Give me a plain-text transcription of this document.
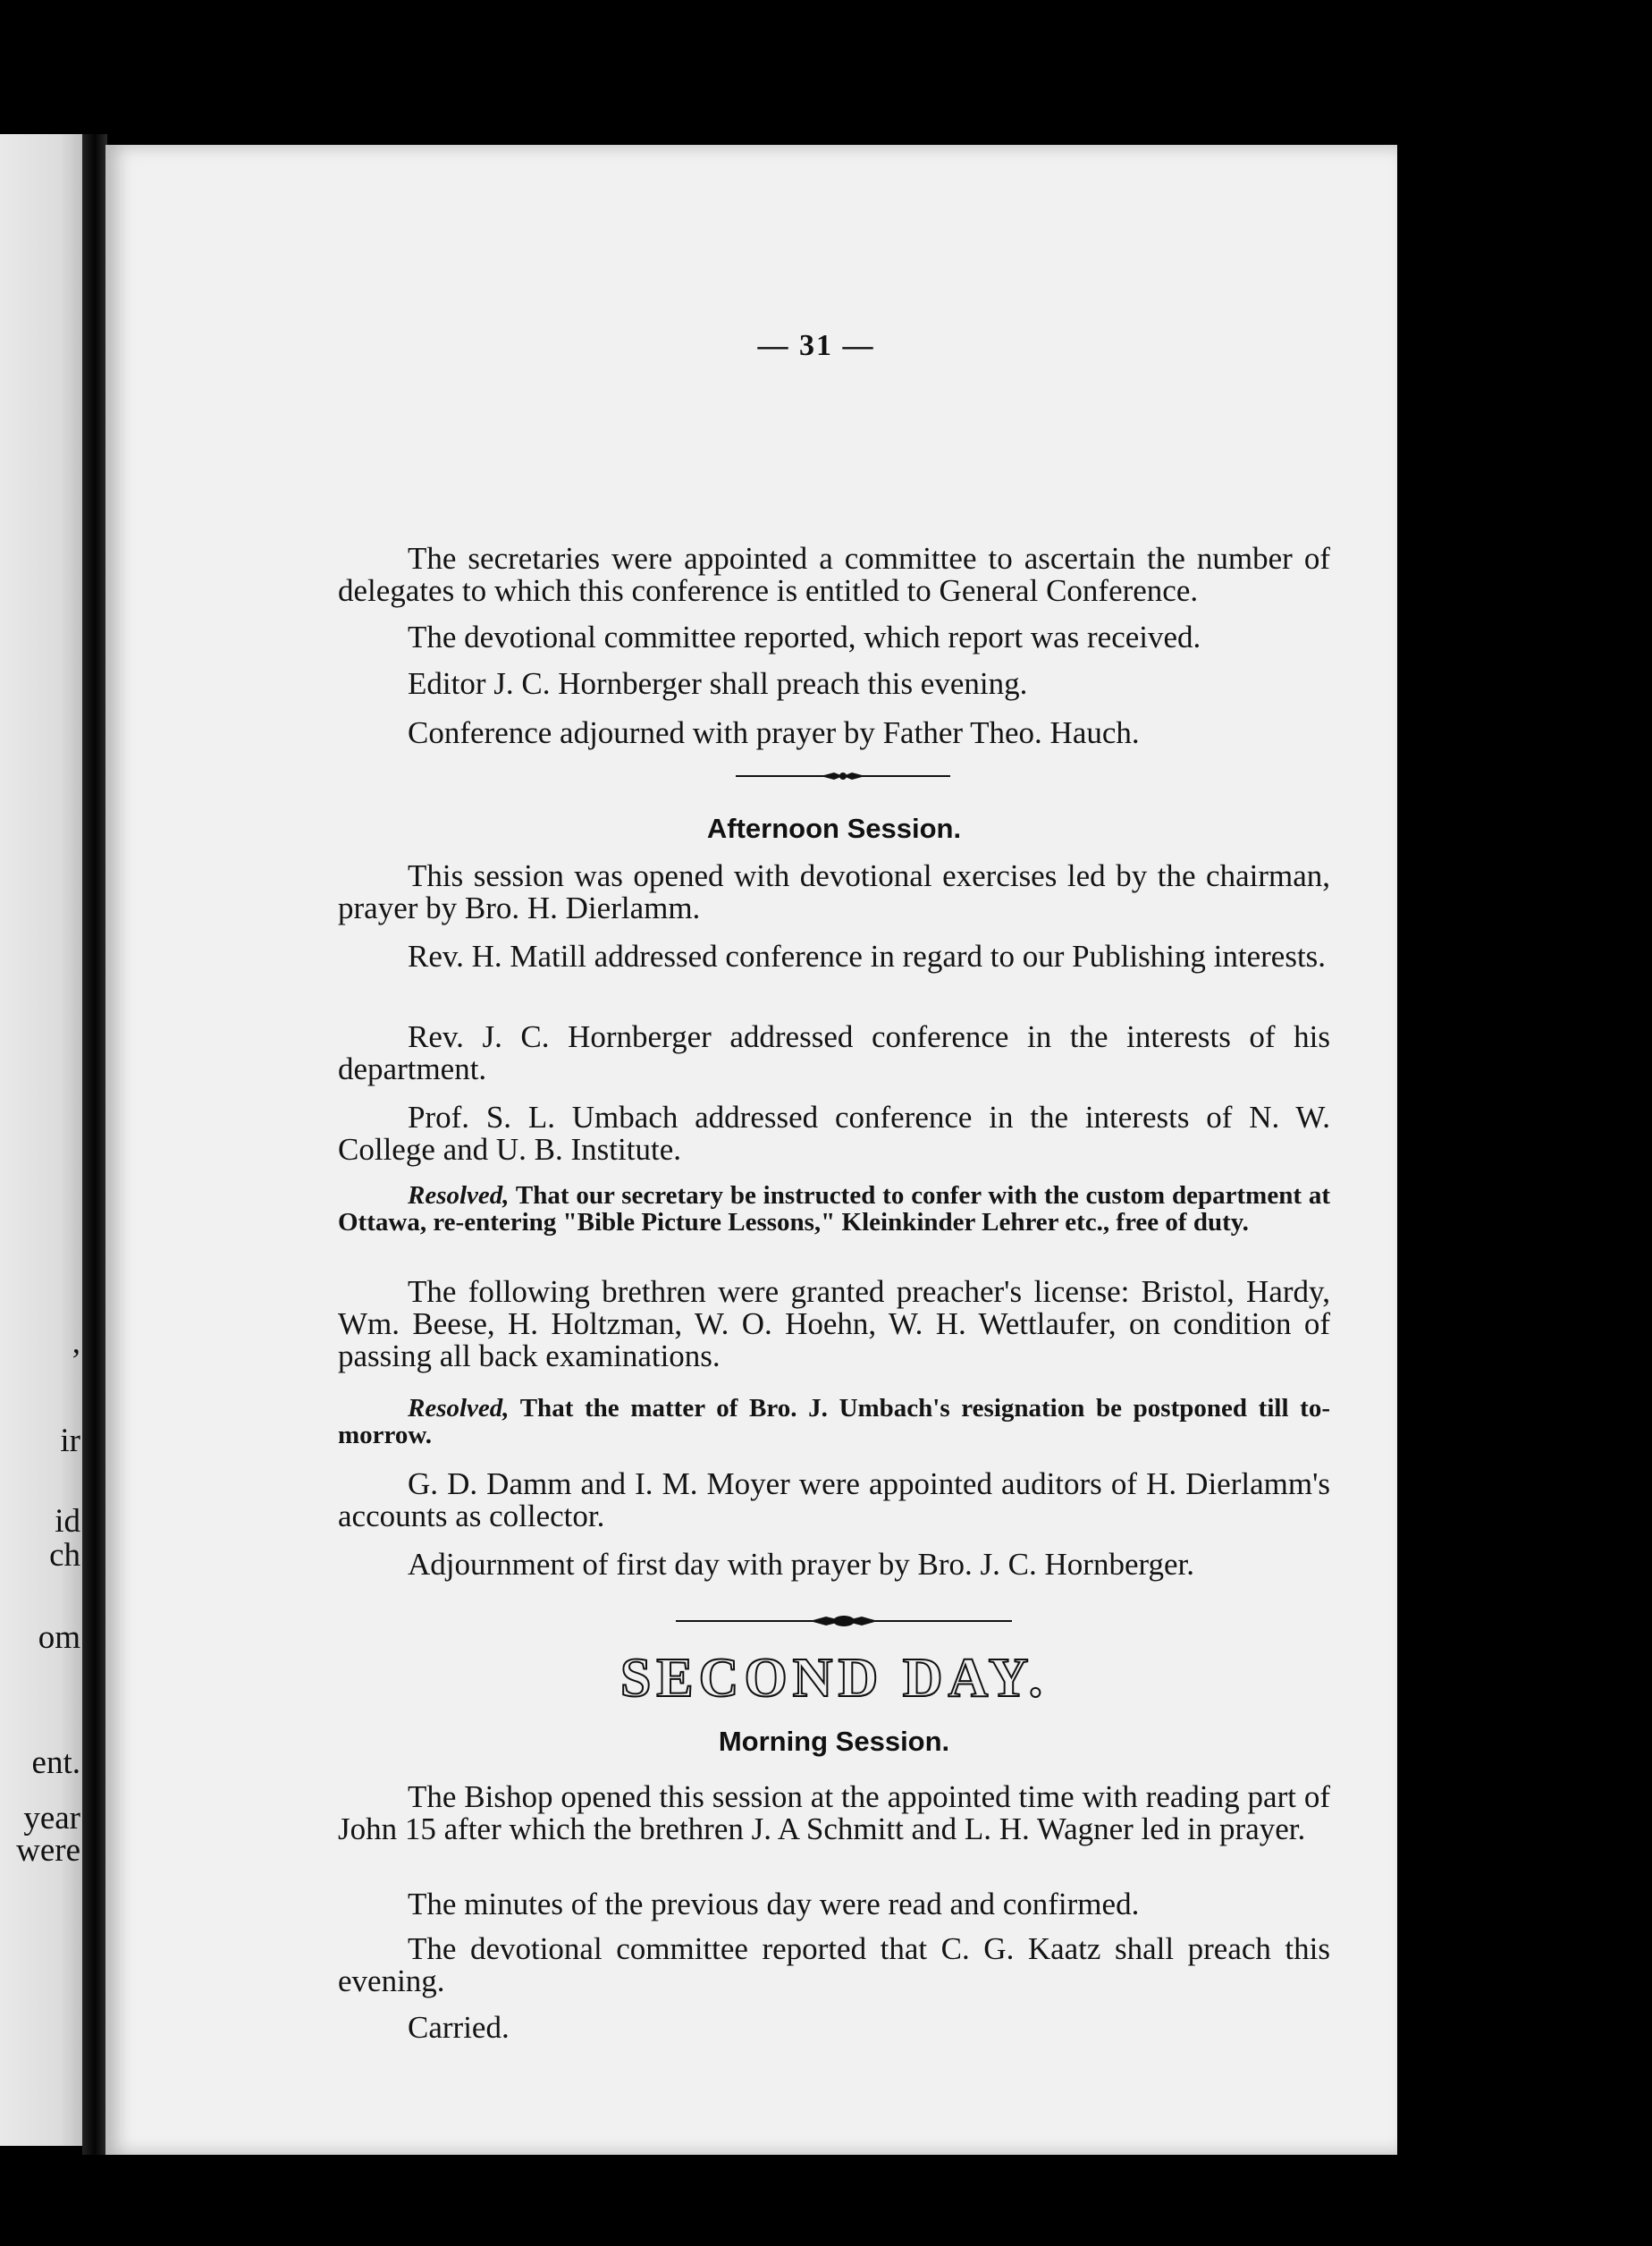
,
ir
id
ch
om
ent.
year
were
— 31 —
The secretaries were appointed a committee to ascertain the number of delegates to which this conference is entitled to General Conference.
The devotional committee reported, which report was received.
Editor J. C. Hornberger shall preach this evening.
Conference adjourned with prayer by Father Theo. Hauch.
Afternoon Session.
This session was opened with devotional exercises led by the chairman, prayer by Bro. H. Dierlamm.
Rev. H. Matill addressed conference in regard to our Publishing interests.
Rev. J. C. Hornberger addressed conference in the interests of his department.
Prof. S. L. Umbach addressed conference in the interests of N. W. College and U. B. Institute.
Resolved, That our secretary be instructed to confer with the custom department at Ottawa, re-entering "Bible Picture Lessons," Kleinkinder Lehrer etc., free of duty.
The following brethren were granted preacher's license: Bristol, Hardy, Wm. Beese, H. Holtzman, W. O. Hoehn, W. H. Wettlaufer, on condition of passing all back examinations.
Resolved, That the matter of Bro. J. Umbach's resignation be postponed till to-morrow.
G. D. Damm and I. M. Moyer were appointed auditors of H. Dierlamm's accounts as collector.
Adjournment of first day with prayer by Bro. J. C. Hornberger.
SECOND DAY.
Morning Session.
The Bishop opened this session at the appointed time with reading part of John 15 after which the brethren J. A Schmitt and L. H. Wagner led in prayer.
The minutes of the previous day were read and confirmed.
The devotional committee reported that C. G. Kaatz shall preach this evening.
Carried.
